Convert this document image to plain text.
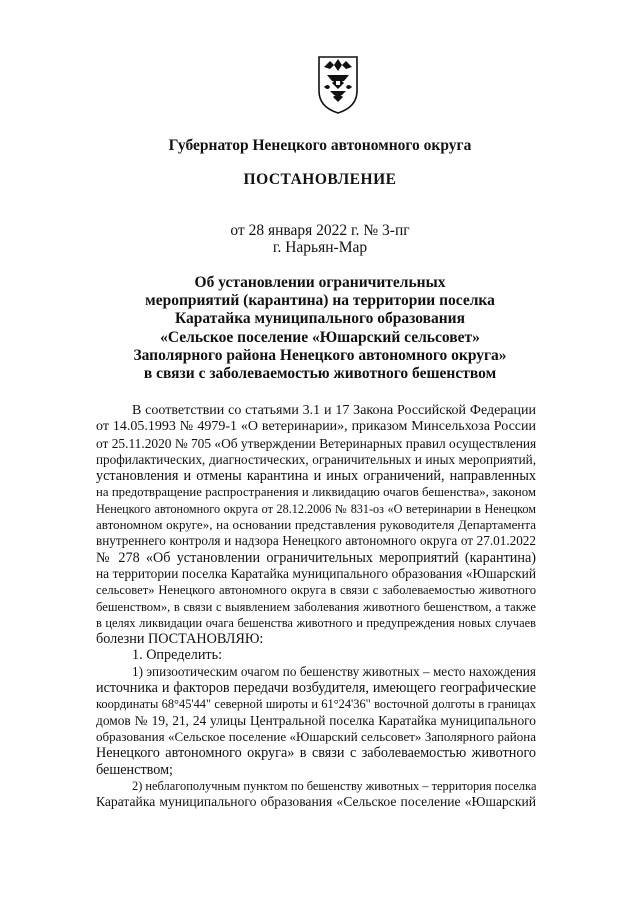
Губернатор Ненецкого автономного округа
ПОСТАНОВЛЕНИЕ
от 28 января 2022 г. № 3-пг
г. Нарьян-Мар
Об установлении ограничительных
мероприятий (карантина) на территории поселка
Каратайка муниципального образования
«Сельское поселение «Юшарский сельсовет»
Заполярного района Ненецкого автономного округа»
в связи с заболеваемостью животного бешенством
В соответствии со статьями 3.1 и 17 Закона Российской Федерации
от 14.05.1993 № 4979-1 «О ветеринарии», приказом Минсельхоза России
от 25.11.2020 № 705 «Об утверждении Ветеринарных правил осуществления
профилактических, диагностических, ограничительных и иных мероприятий,
установления и отмены карантина и иных ограничений, направленных
на предотвращение распространения и ликвидацию очагов бешенства», законом
Ненецкого автономного округа от 28.12.2006 № 831-оз «О ветеринарии в Ненецком
автономном округе», на основании представления руководителя Департамента
внутреннего контроля и надзора Ненецкого автономного округа от 27.01.2022
№ 278 «Об установлении ограничительных мероприятий (карантина)
на территории поселка Каратайка муниципального образования «Юшарский
сельсовет» Ненецкого автономного округа в связи с заболеваемостью животного
бешенством», в связи с выявлением заболевания животного бешенством, а также
в целях ликвидации очага бешенства животного и предупреждения новых случаев
болезни ПОСТАНОВЛЯЮ:
1. Определить:
1) эпизоотическим очагом по бешенству животных – место нахождения
источника и факторов передачи возбудителя, имеющего географические
координаты 68°45'44" северной широты и 61°24'36" восточной долготы в границах
домов № 19, 21, 24 улицы Центральной поселка Каратайка муниципального
образования «Сельское поселение «Юшарский сельсовет» Заполярного района
Ненецкого автономного округа» в связи с заболеваемостью животного
бешенством;
2) неблагополучным пунктом по бешенству животных – территория поселка
Каратайка муниципального образования «Сельское поселение «Юшарский
